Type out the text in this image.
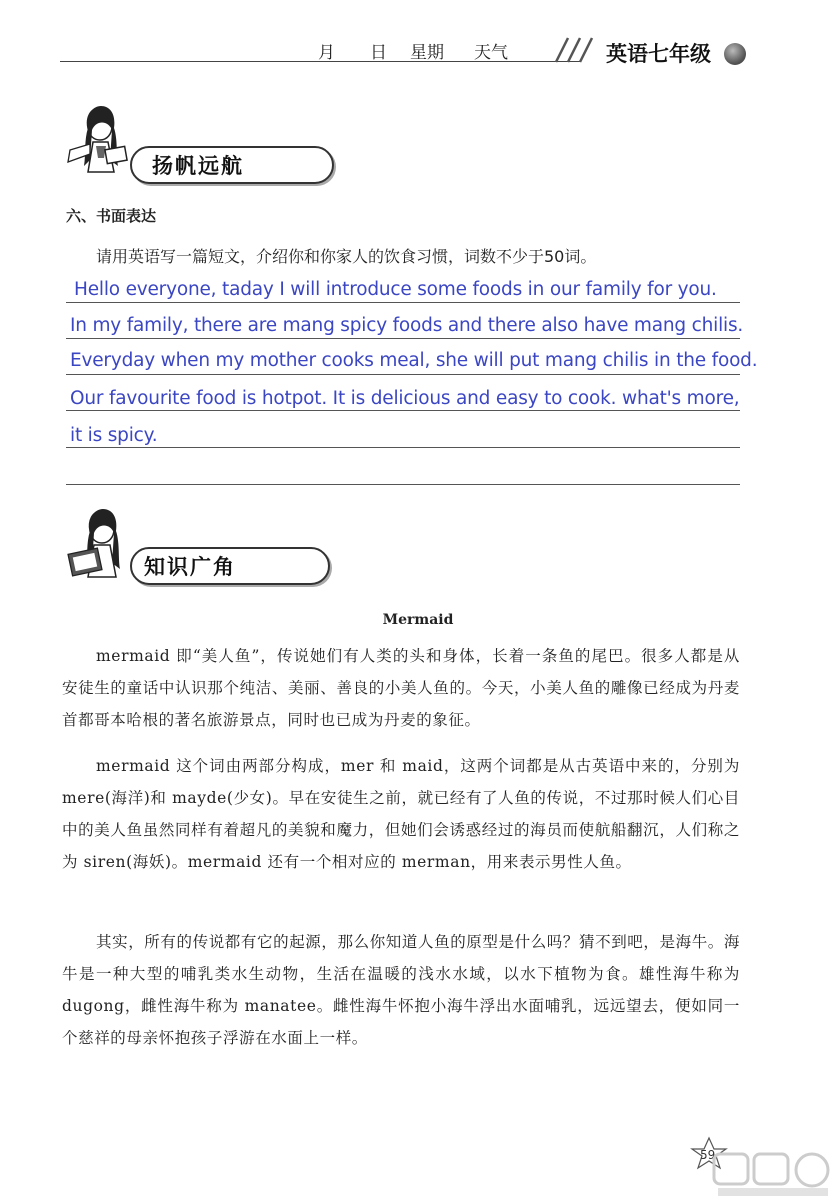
月 日 星期 天气	英语七年级
扬帆远航
六、书面表达
请用英语写一篇短文，介绍你和你家人的饮食习惯，词数不少于50词。
Hello everyone, taday I will introduce some foods in our family for you.
In my family, there are mang spicy foods and there also have mang chilis.
Everyday when my mother cooks meal, she will put mang chilis in the food.
Our favourite food is hotpot. It is delicious and easy to cook. what's more,
it is spicy.
知识广角
Mermaid
mermaid 即“美人鱼”，传说她们有人类的头和身体，长着一条鱼的尾巴。很多人都是从安徒生的童话中认识那个纯洁、美丽、善良的小美人鱼的。今天，小美人鱼的雕像已经成为丹麦首都哥本哈根的著名旅游景点，同时也已成为丹麦的象征。
mermaid 这个词由两部分构成，mer 和 maid，这两个词都是从古英语中来的，分别为 mere(海洋)和 mayde(少女)。早在安徒生之前，就已经有了人鱼的传说，不过那时候人们心目中的美人鱼虽然同样有着超凡的美貌和魔力，但她们会诱惑经过的海员而使航船翻沉，人们称之为 siren(海妖)。mermaid 还有一个相对应的 merman，用来表示男性人鱼。
其实，所有的传说都有它的起源，那么你知道人鱼的原型是什么吗？猜不到吧，是海牛。海牛是一种大型的哺乳类水生动物，生活在温暖的浅水水域，以水下植物为食。雄性海牛称为 dugong，雌性海牛称为 manatee。雌性海牛怀抱小海牛浮出水面哺乳，远远望去，便如同一个慈祥的母亲怀抱孩子浮游在水面上一样。
59
